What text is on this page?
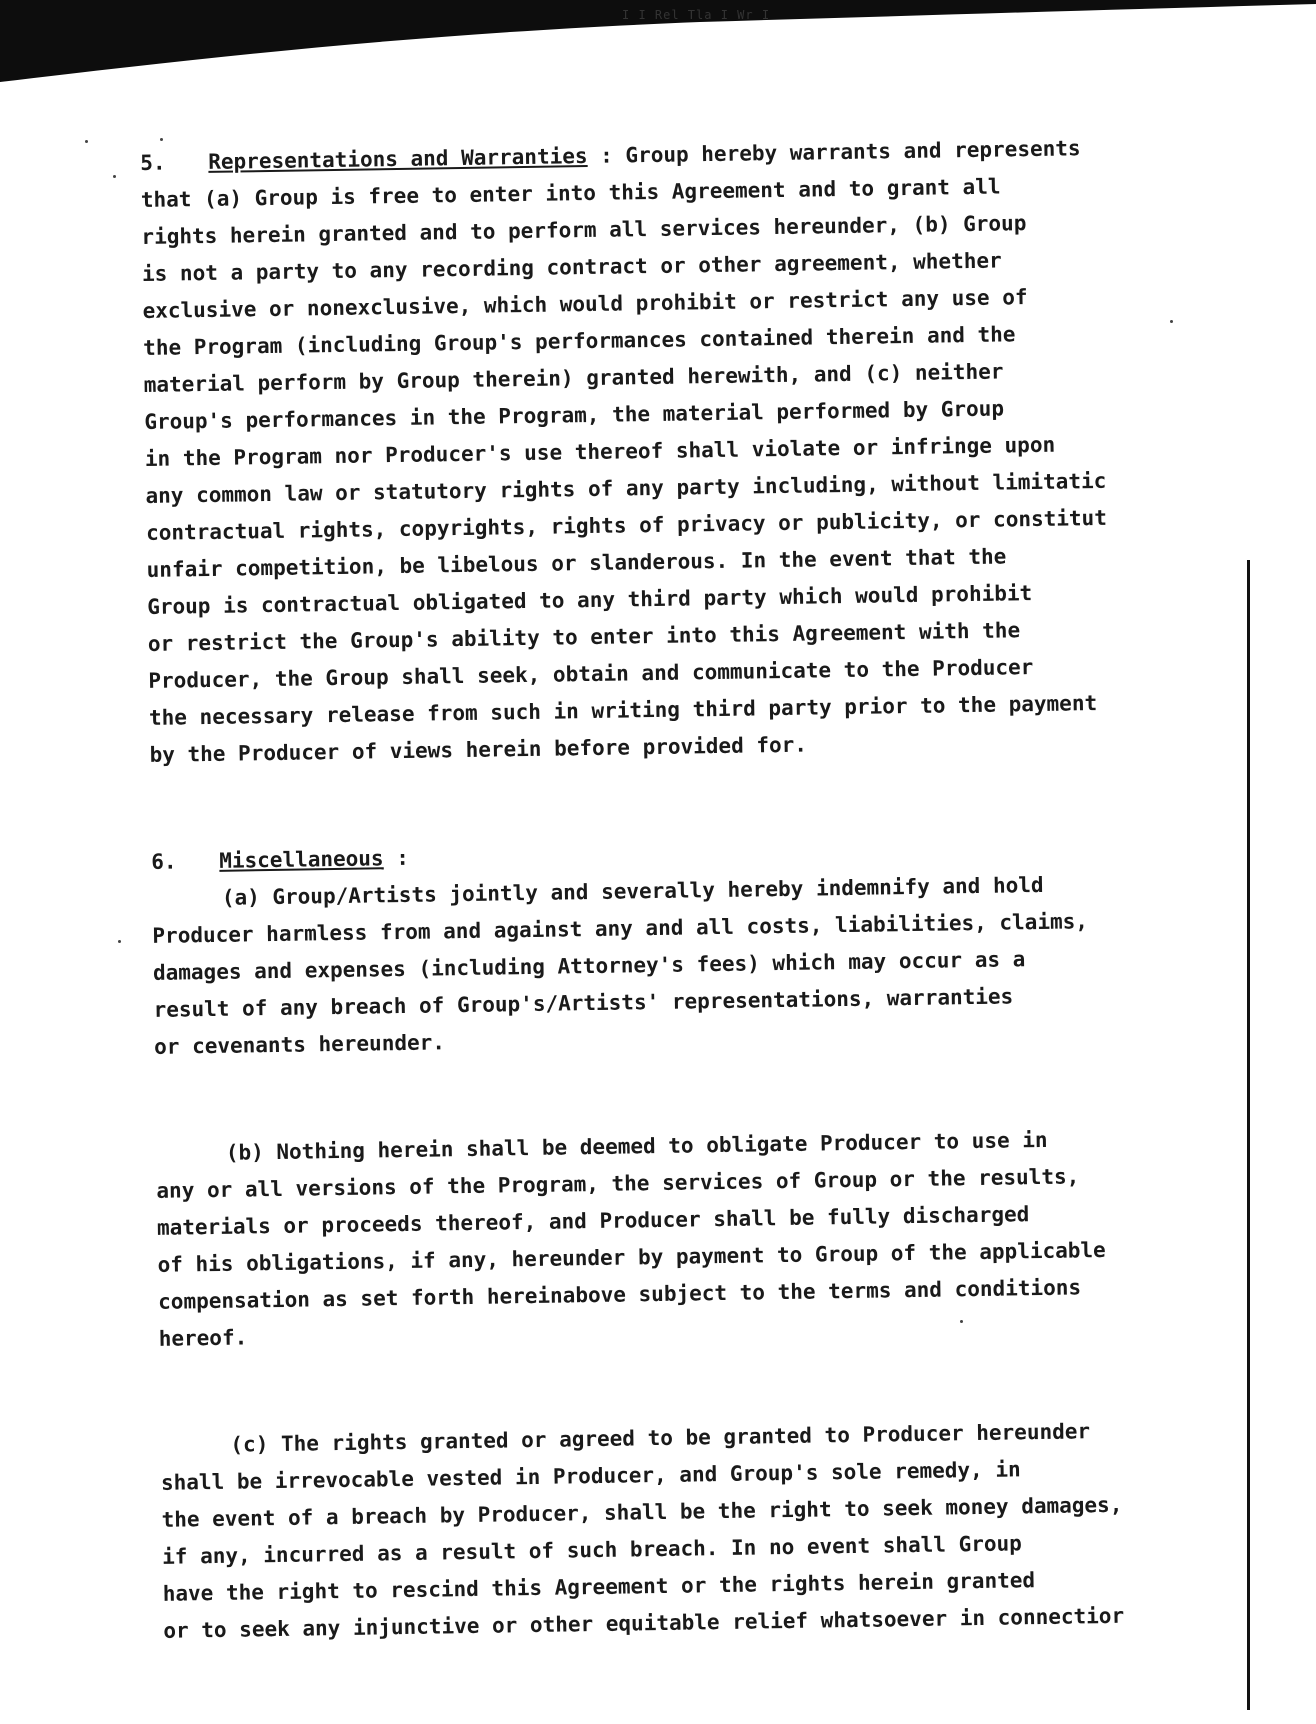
I I Rel Tla I Wr I
5. Representations and Warranties : Group hereby warrants and represents
that (a) Group is free to enter into this Agreement and to grant all
rights herein granted and to perform all services hereunder, (b) Group
is not a party to any recording contract or other agreement, whether
exclusive or nonexclusive, which would prohibit or restrict any use of
the Program (including Group's performances contained therein and the
material perform by Group therein) granted herewith, and (c) neither
Group's performances in the Program, the material performed by Group
in the Program nor Producer's use thereof shall violate or infringe upon
any common law or statutory rights of any party including, without limitatic
contractual rights, copyrights, rights of privacy or publicity, or constitut
unfair competition, be libelous or slanderous. In the event that the
Group is contractual obligated to any third party which would prohibit
or restrict the Group's ability to enter into this Agreement with the
Producer, the Group shall seek, obtain and communicate to the Producer
the necessary release from such in writing third party prior to the payment
by the Producer of views herein before provided for.
6. Miscellaneous :
(a) Group/Artists jointly and severally hereby indemnify and hold
Producer harmless from and against any and all costs, liabilities, claims,
damages and expenses (including Attorney's fees) which may occur as a
result of any breach of Group's/Artists' representations, warranties
or cevenants hereunder.
(b) Nothing herein shall be deemed to obligate Producer to use in
any or all versions of the Program, the services of Group or the results,
materials or proceeds thereof, and Producer shall be fully discharged
of his obligations, if any, hereunder by payment to Group of the applicable
compensation as set forth hereinabove subject to the terms and conditions
hereof.
(c) The rights granted or agreed to be granted to Producer hereunder
shall be irrevocable vested in Producer, and Group's sole remedy, in
the event of a breach by Producer, shall be the right to seek money damages,
if any, incurred as a result of such breach. In no event shall Group
have the right to rescind this Agreement or the rights herein granted
or to seek any injunctive or other equitable relief whatsoever in connectior
